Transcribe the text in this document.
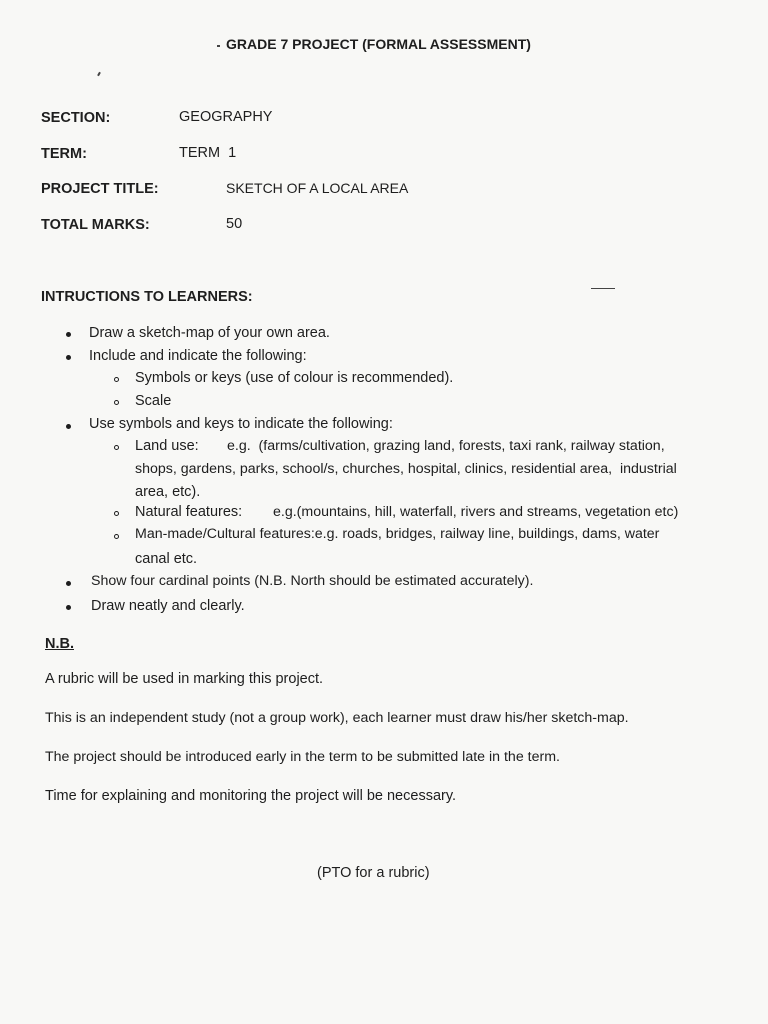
GRADE 7 PROJECT (FORMAL ASSESSMENT)
SECTION:	GEOGRAPHY
TERM:	TERM  1
PROJECT TITLE:	SKETCH OF A LOCAL AREA
TOTAL MARKS:	50
INTRUCTIONS TO LEARNERS:
Draw a sketch-map of your own area.
Include and indicate the following:
Symbols or keys (use of colour is recommended).
Scale
Use symbols and keys to indicate the following:
Land use: e.g.  (farms/cultivation, grazing land, forests, taxi rank, railway station,
shops, gardens, parks, school/s, churches, hospital, clinics, residential area,  industrial
area, etc).
Natural features: e.g.(mountains, hill, waterfall, rivers and streams, vegetation etc)
Man-made/Cultural features:e.g. roads, bridges, railway line, buildings, dams, water
canal etc.
Show four cardinal points (N.B. North should be estimated accurately).
Draw neatly and clearly.
N.B.
A rubric will be used in marking this project.
This is an independent study (not a group work), each learner must draw his/her sketch-map.
The project should be introduced early in the term to be submitted late in the term.
Time for explaining and monitoring the project will be necessary.
(PTO for a rubric)
